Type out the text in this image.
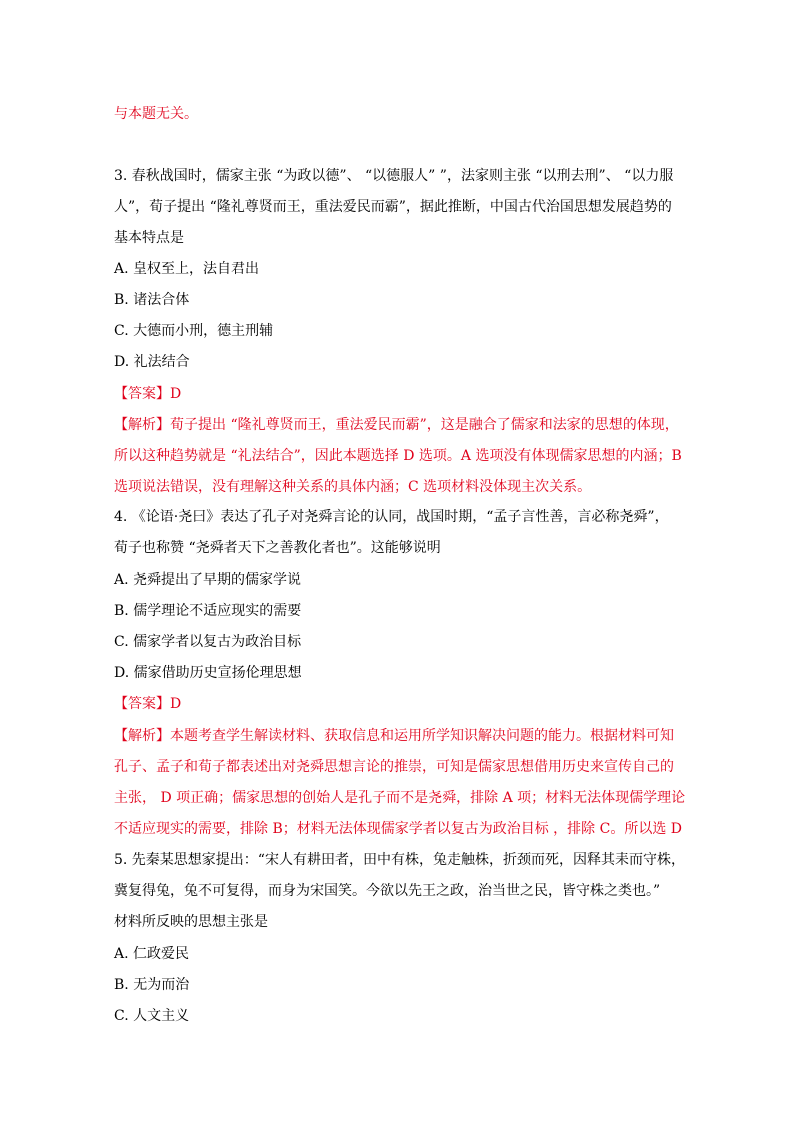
与本题无关。
3. 春秋战国时，儒家主张 “为政以德”、 “以德服人” ”，法家则主张 “以刑去刑”、 “以力服
人”，荀子提出 “隆礼尊贤而王，重法爱民而霸”，据此推断，中国古代治国思想发展趋势的
基本特点是
A. 皇权至上，法自君出
B. 诸法合体
C. 大德而小刑，德主刑辅
D. 礼法结合
【答案】D
【解析】荀子提出 “隆礼尊贤而王，重法爱民而霸”，这是融合了儒家和法家的思想的体现，
所以这种趋势就是 “礼法结合”，因此本题选择 D 选项。A 选项没有体现儒家思想的内涵；B
选项说法错误，没有理解这种关系的具体内涵；C 选项材料没体现主次关系。
4. 《论语·尧曰》表达了孔子对尧舜言论的认同，战国时期，“孟子言性善，言必称尧舜”，
荀子也称赞 “尧舜者天下之善教化者也”。这能够说明
A. 尧舜提出了早期的儒家学说
B. 儒学理论不适应现实的需要
C. 儒家学者以复古为政治目标
D. 儒家借助历史宣扬伦理思想
【答案】D
【解析】本题考查学生解读材料、获取信息和运用所学知识解决问题的能力。根据材料可知
孔子、孟子和荀子都表述出对尧舜思想言论的推崇，可知是儒家思想借用历史来宣传自己的
主张， D 项正确；儒家思想的创始人是孔子而不是尧舜，排除 A 项；材料无法体现儒学理论
不适应现实的需要，排除 B；材料无法体现儒家学者以复古为政治目标 ，排除 C。所以选 D
5. 先秦某思想家提出：“宋人有耕田者，田中有株，兔走触株，折颈而死，因释其耒而守株，
冀复得兔，兔不可复得，而身为宋国笑。今欲以先王之政，治当世之民，皆守株之类也。”
材料所反映的思想主张是
A. 仁政爱民
B. 无为而治
C. 人文主义
